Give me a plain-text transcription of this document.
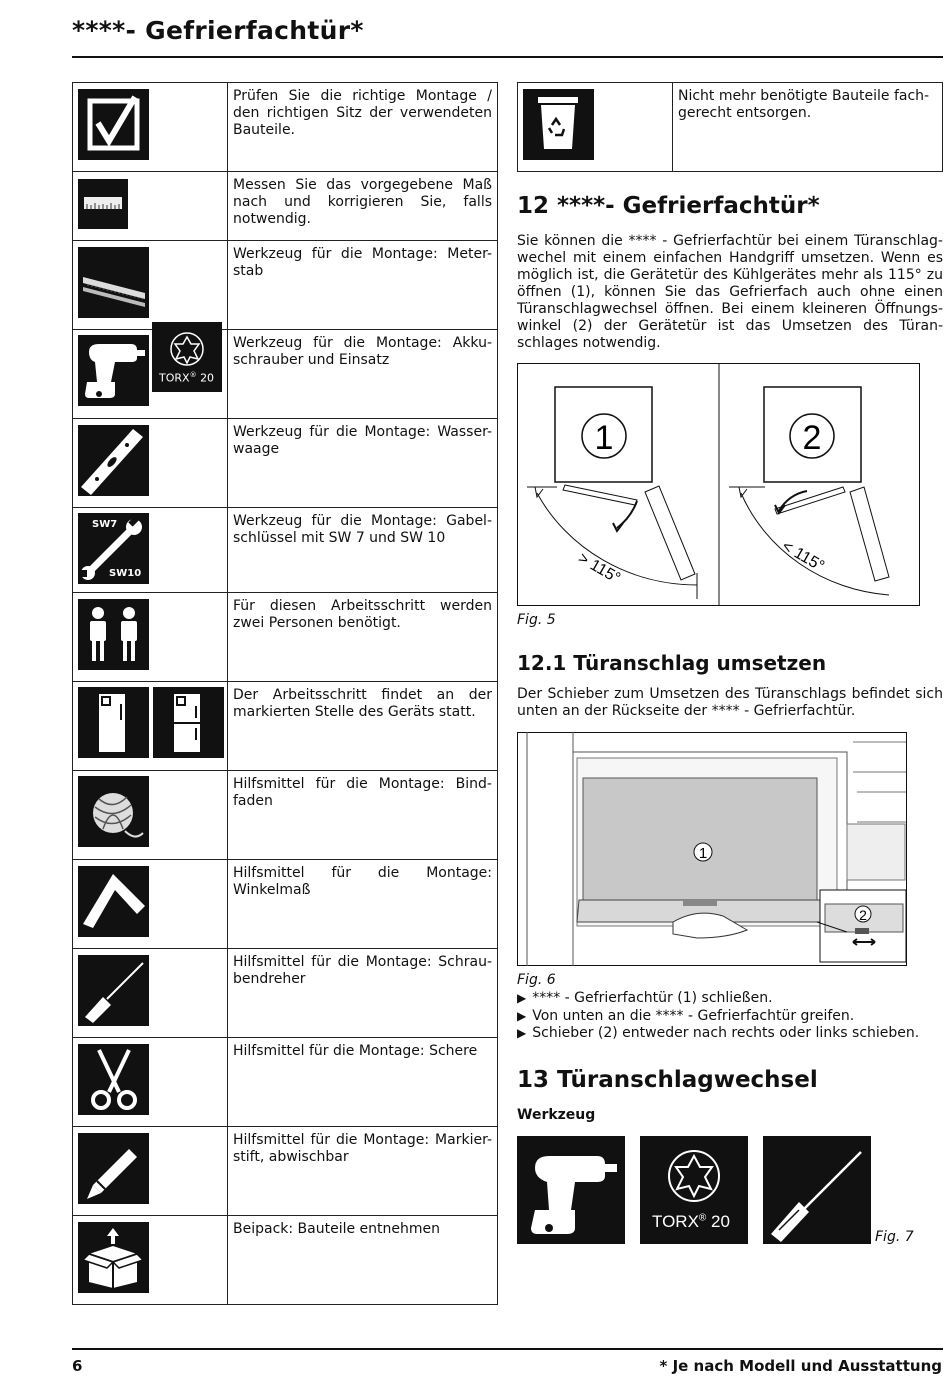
****- Gefrierfachtür*
	Prüfen Sie die richtige Montage / den richtigen Sitz der verwendeten Bauteile.
	Messen Sie das vorgegebene Maß nach und korrigieren Sie, falls notwendig.
	Werkzeug für die Montage: Meter-stab
	Werkzeug für die Montage: Akku-schrauber und Einsatz
	Werkzeug für die Montage: Wasser-waage

SW7
SW10	Werkzeug für die Montage: Gabel-schlüssel mit SW 7 und SW 10
	Für diesen Arbeitsschritt werden zwei Personen benötigt.
	Der Arbeitsschritt findet an der markierten Stelle des Geräts statt.
	Hilfsmittel für die Montage: Bind-faden
	Hilfsmittel für die Montage: Winkelmaß
	Hilfsmittel für die Montage: Schrau-bendreher
	Hilfsmittel für die Montage: Schere
	Hilfsmittel für die Montage: Markier-stift, abwischbar
	Beipack: Bauteile entnehmen
TORX® 20
	Nicht mehr benötigte Bauteile fach-gerecht entsorgen.
12 ****- Gefrierfachtür*
Sie können die **** - Gefrierfachtür bei einem Türanschlag-wechel mit einem einfachen Handgriff umsetzen. Wenn es möglich ist, die Gerätetür des Kühlgerätes mehr als 115° zu öffnen (1), können Sie das Gefrierfach auch ohne einen Türanschlagwechsel öffnen. Bei einem kleineren Öffnungs-winkel (2) der Gerätetür ist das Umsetzen des Türan-schlages notwendig.
1
> 115°
2
< 115°
Fig. 5
12.1 Türanschlag umsetzen
Der Schieber zum Umsetzen des Türanschlags befindet sich unten an der Rückseite der **** - Gefrierfachtür.
1
2
Fig. 6
▶ **** - Gefrierfachtür (1) schließen.
▶ Von unten an die **** - Gefrierfachtür greifen.
▶ Schieber (2) entweder nach rechts oder links schieben.
13 Türanschlagwechsel
Werkzeug
TORX® 20
Fig. 7
6	* Je nach Modell und Ausstattung
